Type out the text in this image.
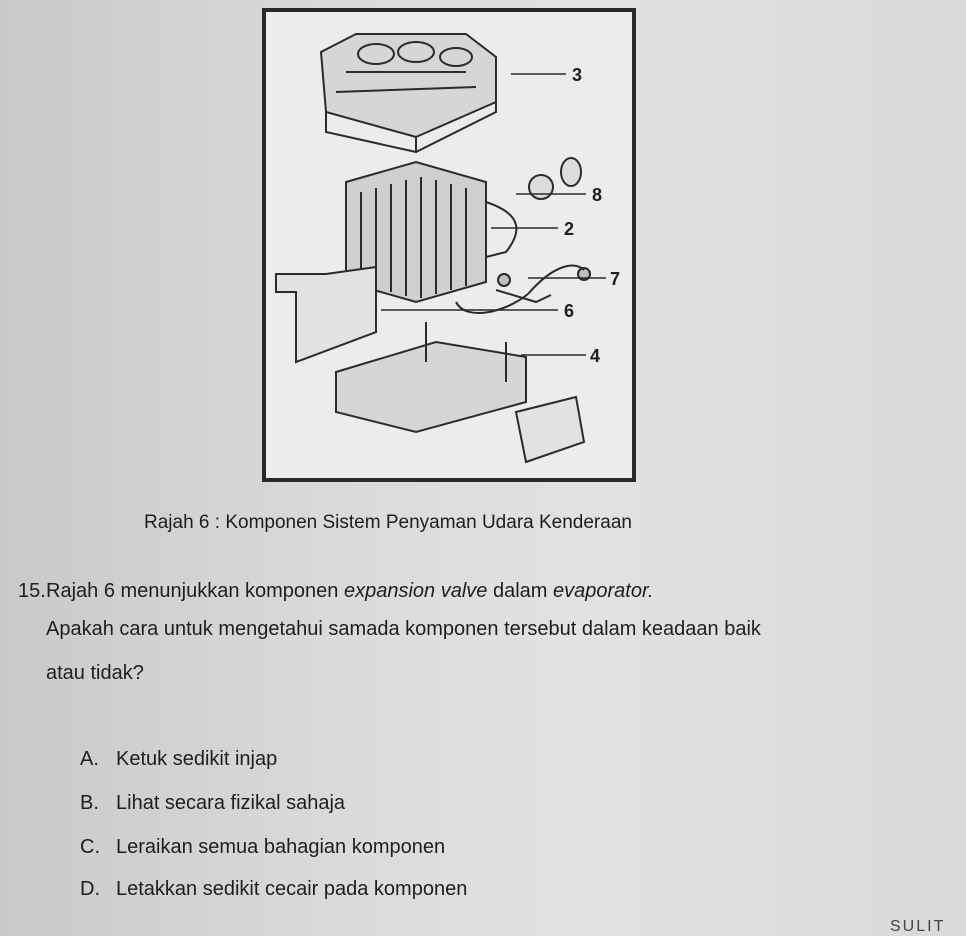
3
8
2
7
6
4
Rajah 6 : Komponen Sistem Penyaman Udara Kenderaan
15. Rajah 6 menunjukkan komponen expansion valve dalam evaporator.
Apakah cara untuk mengetahui samada komponen tersebut dalam keadaan baik
atau tidak?
A. Ketuk sedikit injap
B. Lihat secara fizikal sahaja
C. Leraikan semua bahagian komponen
D. Letakkan sedikit cecair pada komponen
SULIT
